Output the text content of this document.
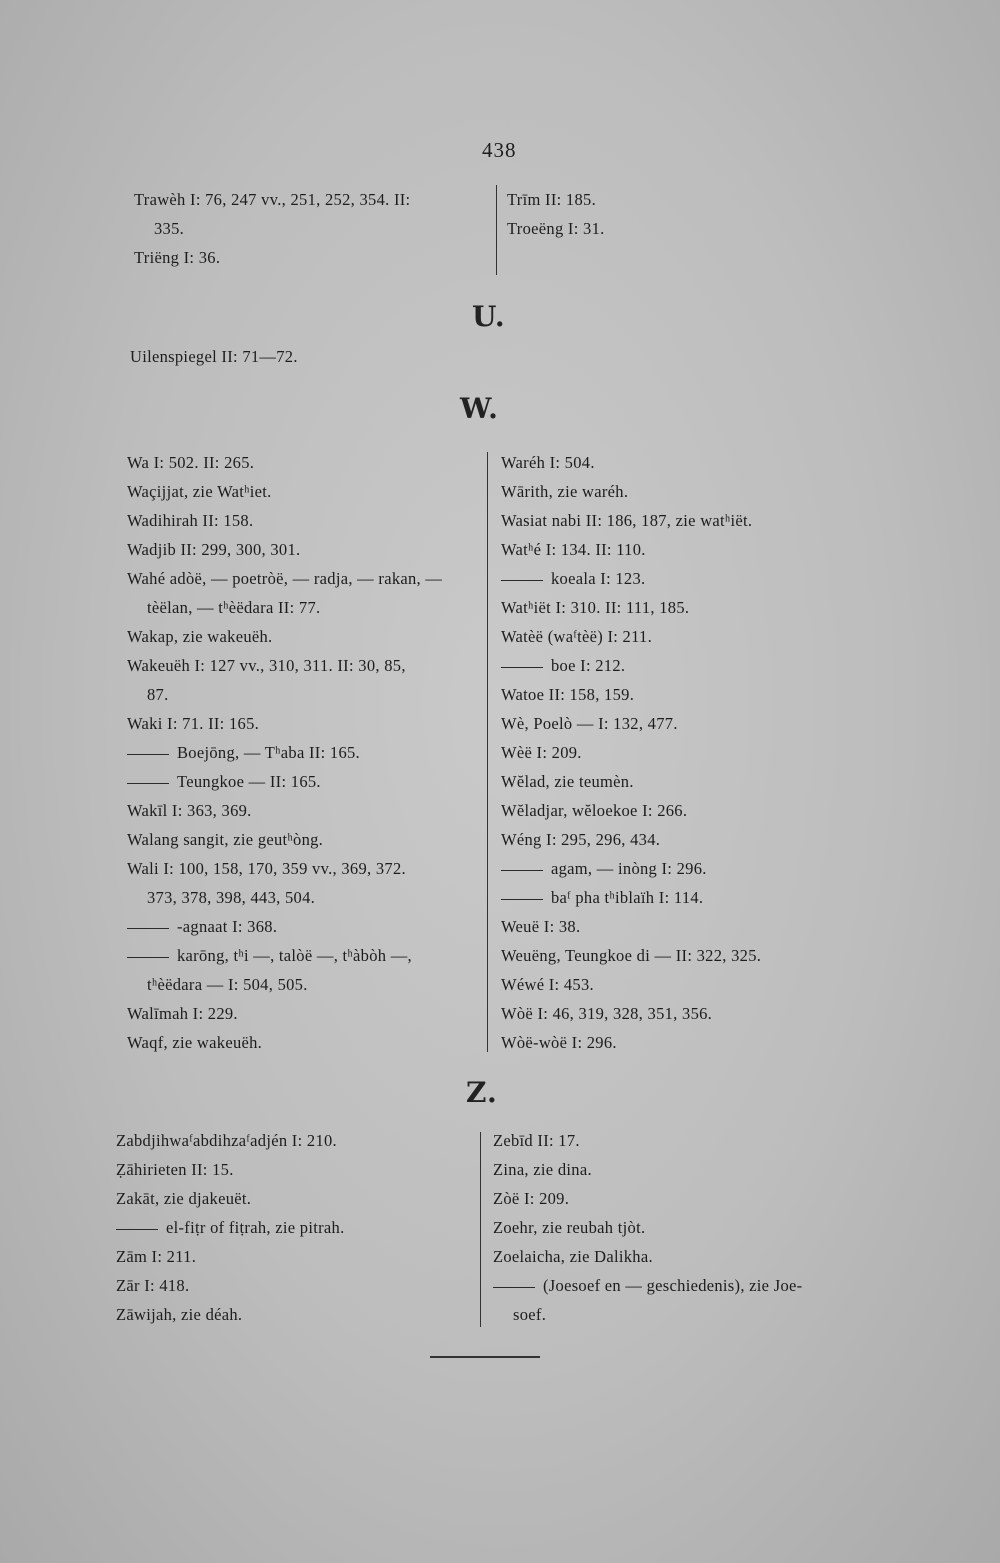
438
Trawèh I: 76, 247 vv., 251, 252, 354. II:
335.
Triëng I: 36.
Trīm II: 185.
Troeëng I: 31.
U.
Uilenspiegel II: 71—72.
W.
Wa I: 502. II: 265.
Waçijjat, zie Watʰiet.
Wadihirah II: 158.
Wadjib II: 299, 300, 301.
Wahé adòë, — poetròë, — radja, — rakan, —
tèëlan, — tʰèëdara II: 77.
Wakap, zie wakeuëh.
Wakeuëh I: 127 vv., 310, 311. II: 30, 85,
87.
Waki I: 71. II: 165.
Boejōng, — Tʰaba II: 165.
Teungkoe — II: 165.
Wakīl I: 363, 369.
Walang sangit, zie geutʰòng.
Wali I: 100, 158, 170, 359 vv., 369, 372.
373, 378, 398, 443, 504.
-agnaat I: 368.
karōng, tʰi —, talòë —, tʰàbòh —,
tʰèëdara — I: 504, 505.
Walīmah I: 229.
Waqf, zie wakeuëh.
Waréh I: 504.
Wārith, zie waréh.
Wasiat nabi II: 186, 187, zie watʰiët.
Watʰé I: 134. II: 110.
koeala I: 123.
Watʰiët I: 310. II: 111, 185.
Watèë (waᶠtèë) I: 211.
boe I: 212.
Watoe II: 158, 159.
Wè, Poelò — I: 132, 477.
Wèë I: 209.
Wĕlad, zie teumèn.
Wĕladjar, wĕloekoe I: 266.
Wéng I: 295, 296, 434.
agam, — inòng I: 296.
baᶠ pha tʰiblaïh I: 114.
Weuë I: 38.
Weuëng, Teungkoe di — II: 322, 325.
Wéwé I: 453.
Wòë I: 46, 319, 328, 351, 356.
Wòë-wòë I: 296.
Z.
Zabdjihwaᶠabdihzaᶠadjén I: 210.
Ẓāhirieten II: 15.
Zakāt, zie djakeuët.
el-fiṭr of fiṭrah, zie pitrah.
Zām I: 211.
Zār I: 418.
Zāwijah, zie déah.
Zebīd II: 17.
Zina, zie dina.
Zòë I: 209.
Zoehr, zie reubah tjòt.
Zoelaicha, zie Dalikha.
(Joesoef en — geschiedenis), zie Joe-
soef.
